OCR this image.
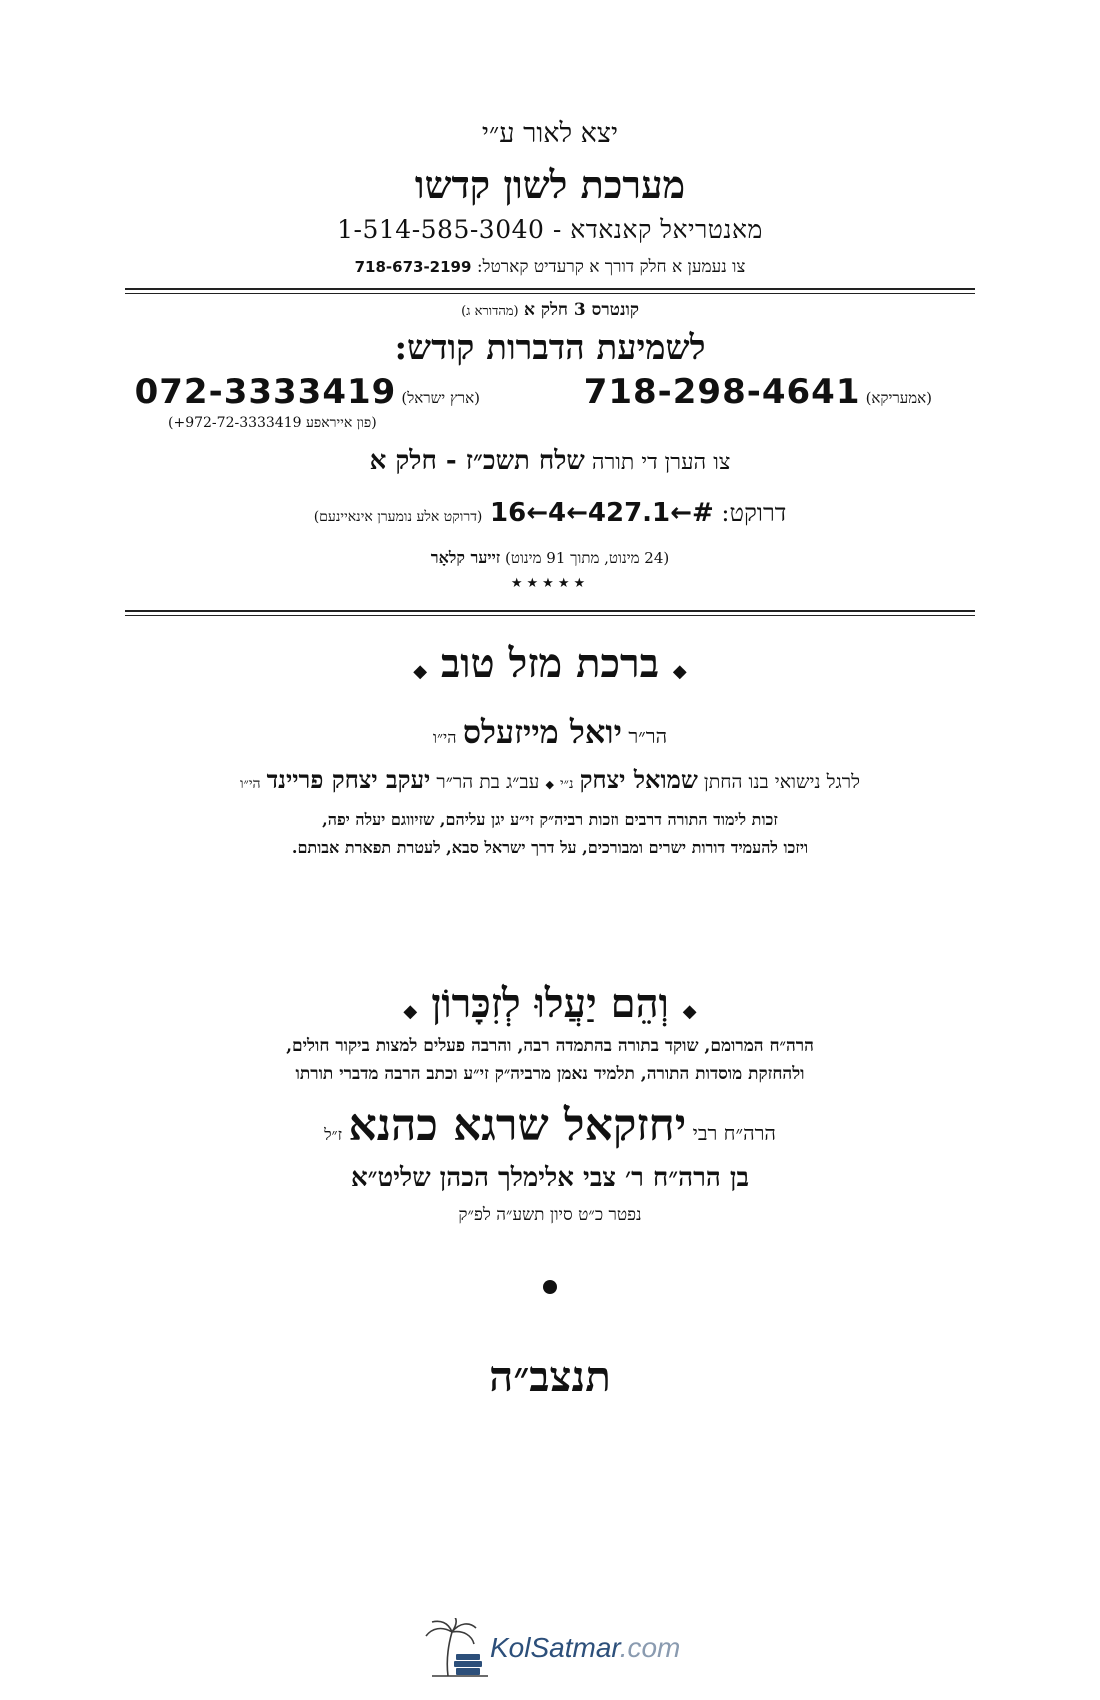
יצא לאור ע״י
מערכת לשון קדשו
מאנטריאל קאנאדא - 1-514-585-3040
צו נעמען א חלק דורך א קרעדיט קארטל: 718-673-2199
קונטרס 3 חלק א (מהדורא ג)
לשמיעת הדברות קודש:
(אמעריקא) 718-298-4641
(ארץ ישראל) 072-3333419
(פון אייראפע 972-72-3333419+)
צו הערן די תורה שלח תשכ״ז - חלק א
דרוקט: #←427.1←4←16 (דרוקט אלע נומערן אינאיינעם)
(24 מינוט, מתוך 91 מינוט) זייער קלאָר
★★★★★
◆ ברכת מזל טוב ◆
הר״ר יואל מייזעלס הי״ו
לרגל נישואי בנו החתן שמואל יצחק נ״י ◆ עב״ג בת הר״ר יעקב יצחק פריינד הי״ו
זכות לימוד התורה דרבים וזכות רביה״ק זי״ע יגן עליהם, שזיווגם יעלה יפה,
ויזכו להעמיד דורות ישרים ומבורכים, על דרך ישראל סבא, לעטרת תפארת אבותם.
◆ וְהֵם יַעֲלוּ לְזִכָּרוֹן ◆
הרה״ח המרומם, שוקד בתורה בהתמדה רבה, והרבה פעלים למצות ביקור חולים,
ולהחזקת מוסדות התורה, תלמיד נאמן מרביה״ק זי״ע וכתב הרבה מדברי תורתו
הרה״ח רבי יחזקאל שרגא כהנא ז״ל
בן הרה״ח ר׳ צבי אלימלך הכהן שליט״א
נפטר כ״ט סיון תשע״ה לפ״ק
תנצב״ה
KolSatmar.com
